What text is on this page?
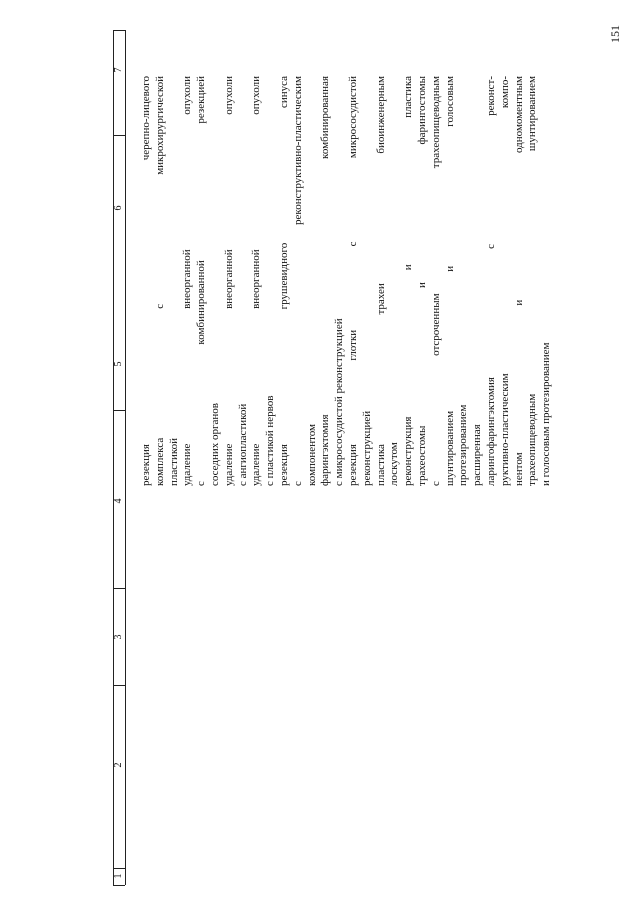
151
1
2
3
4
5
6
7
резекция черепно-лицевого комплекса с микрохирургической пластикой удаление внеорганной опухоли с комбинированной резекцией соседних органов удаление внеорганной опухоли с ангиопластикой удаление внеорганной опухоли с пластикой нервов резекция грушевидного синуса с реконструктивно-пластическим компонентом фарингэктомия комбинированная с микрососудистой реконструкцией резекция глотки с микрососудистой реконструкцией пластика трахеи биоинженерным лоскутом реконструкция и пластика трахеостомы и фарингостомы с отсроченным трахеопищеводным шунтированием и голосовым протезированием расширенная ларингофарингэктомия с реконст- руктивно-пластическим компо- нентом и одномоментным трахеопищеводным шунтированием и голосовым протезированием
